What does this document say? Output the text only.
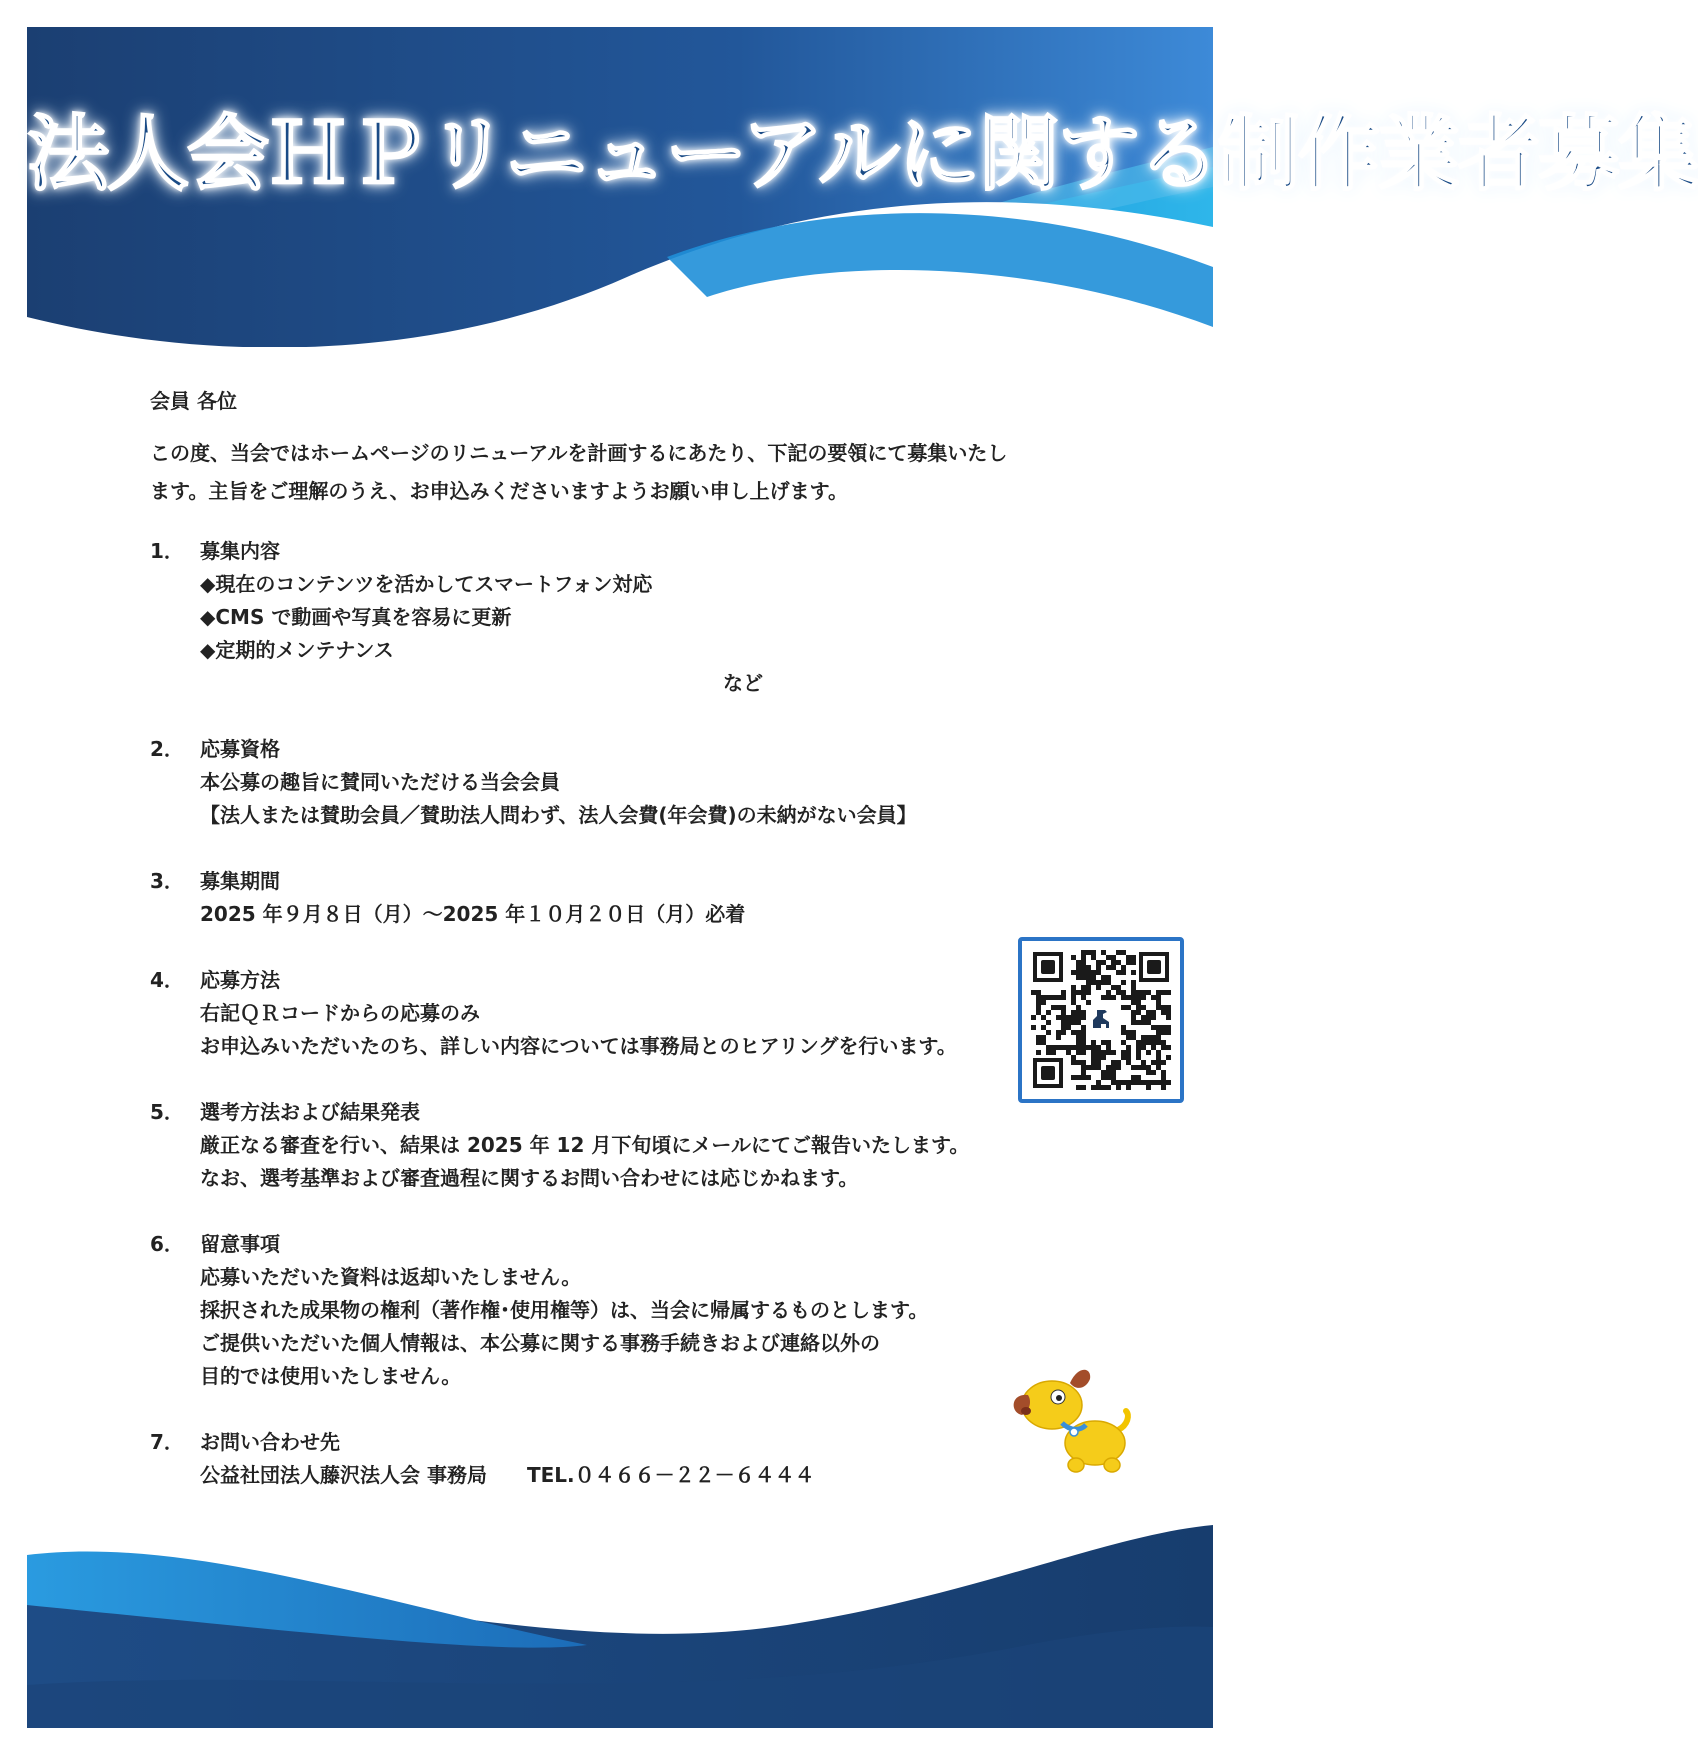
法人会ＨＰリニューアルに関する制作業者募集

会員 各位

この度、当会ではホームページのリニューアルを計画するにあたり、下記の要領にて募集いたし
ます。主旨をご理解のうえ、お申込みくださいますようお願い申し上げます。

1． 募集内容
◆現在のコンテンツを活かしてスマートフォン対応
◆CMS で動画や写真を容易に更新
◆定期的メンテナンス
など
2． 応募資格
本公募の趣旨に賛同いただける当会会員
【法人または賛助会員／賛助法人問わず、法人会費(年会費)の未納がない会員】
3． 募集期間
2025 年９月８日（月）～2025 年１０月２０日（月）必着
4． 応募方法
右記ＱＲコードからの応募のみ
お申込みいただいたのち、詳しい内容については事務局とのヒアリングを行います。
5． 選考方法および結果発表
厳正なる審査を行い、結果は 2025 年 12 月下旬頃にメールにてご報告いたします。
なお、選考基準および審査過程に関するお問い合わせには応じかねます。
6． 留意事項
応募いただいた資料は返却いたしません。
採択された成果物の権利（著作権･使用権等）は、当会に帰属するものとします。
ご提供いただいた個人情報は、本公募に関する事務手続きおよび連絡以外の
目的では使用いたしません。
7． お問い合わせ先
公益社団法人藤沢法人会 事務局　　TEL.０４６６－２２－６４４４
